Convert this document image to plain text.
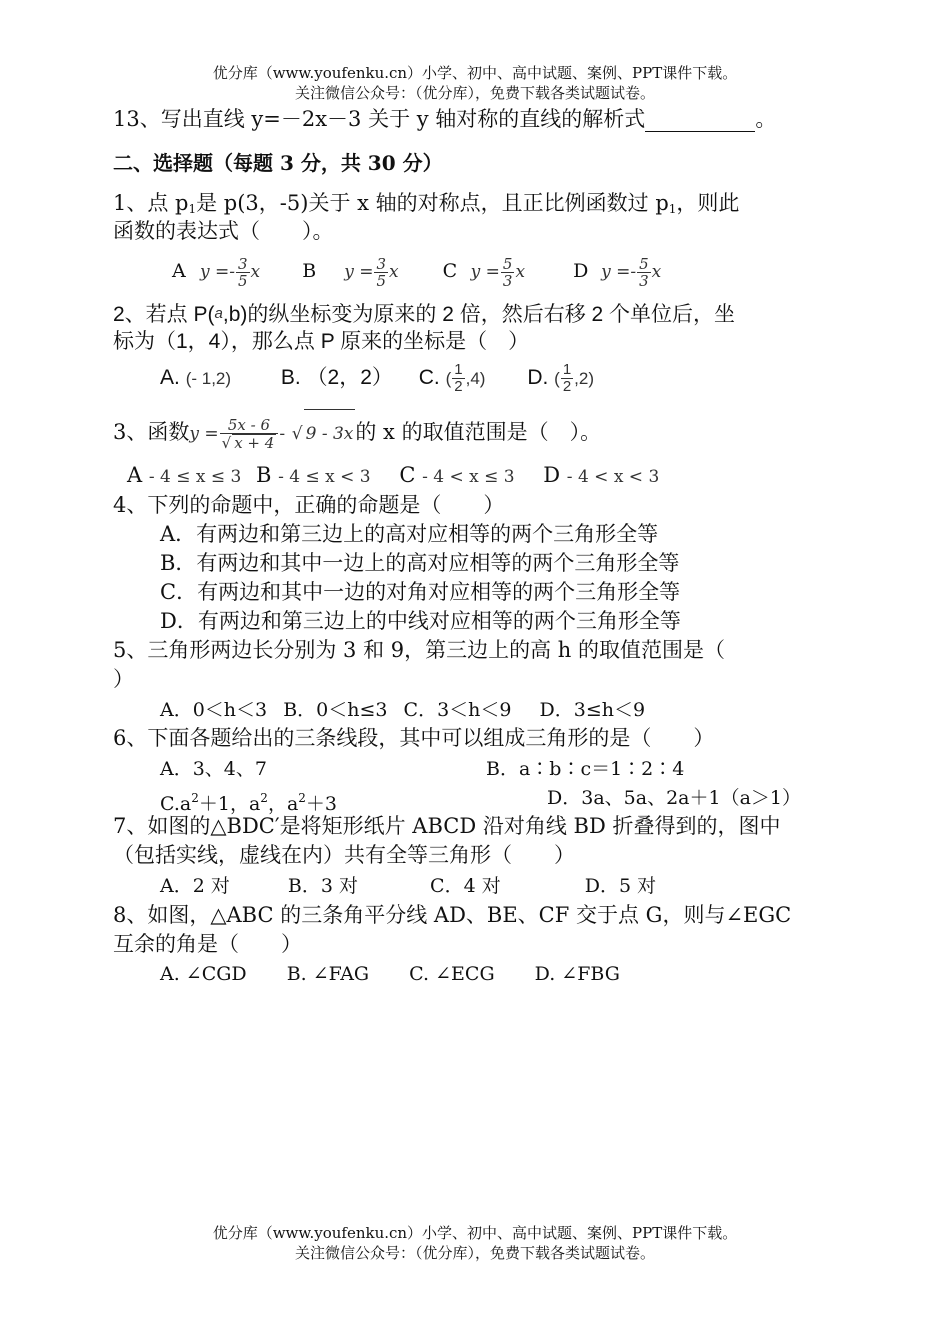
优分库（www.youfenku.cn）小学、初中、高中试题、案例、PPT课件下载。
关注微信公众号：（优分库），免费下载各类试题试卷。
13、写出直线 y=－2x－3 关于 y 轴对称的直线的解析式	。
二、选择题（每题 3 分，共 30 分）
1、点 $p_1$是 p(3，-5)关于 x 轴的对称点，且正比例函数过 $p_1$，则此
函数的表达式（　　）。
A $y =- \frac{3}{5}$ x B $y = \frac{3}{5}$ x C $y = \frac{5}{3}$ x	D $y =- \frac{5}{3}$ x
2、若点 P(a,b)的纵坐标变为原来的 2 倍，然后右移 2 个单位后，坐
标为（1，4），那么点 P 原来的坐标是（　）
A. (- 1,2) B. （2，2） C. ( $\frac{1}{2} ,4$) D. ( $\frac{1}{2} ,2$)
3、函数$y = \frac{5x - 6}{√ x + 4}$ - √ 9 - 3x的 x 的取值范围是（　）。
A - 4 ≤ x ≤ 3 B - 4 ≤ x < 3 C - 4 < x ≤ 3 D - 4 < x < 3
4、下列的命题中，正确的命题是（　　）
A．有两边和第三边上的高对应相等的两个三角形全等
B．有两边和其中一边上的高对应相等的两个三角形全等
C．有两边和其中一边的对角对应相等的两个三角形全等
D．有两边和第三边上的中线对应相等的两个三角形全等
5、三角形两边长分别为 3 和 9，第三边上的高 h 的取值范围是（
）
A．0＜h＜3 B．0＜h≤3 C．3＜h＜9 D．3≤h＜9
6、下面各题给出的三条线段，其中可以组成三角形的是（　　）
A．3、4、7	B．a∶b∶c＝1∶2∶4
$C.a^2+1$，$a^2$，$a^2+3$	D．3a、5a、2a＋1（a＞1）
7、如图的△BDC′是将矩形纸片 ABCD 沿对角线 BD 折叠得到的，图中
（包括实线，虚线在内）共有全等三角形（　　）
A．2 对	B．3 对	C．4 对	D．5 对
8、如图，△ABC 的三条角平分线 AD、BE、CF 交于点 G，则与∠EGC
互余的角是（　　）
A. ∠CGD B. ∠FAG C. ∠ECG D. ∠FBG
优分库（www.youfenku.cn）小学、初中、高中试题、案例、PPT课件下载。
关注微信公众号：（优分库），免费下载各类试题试卷。
